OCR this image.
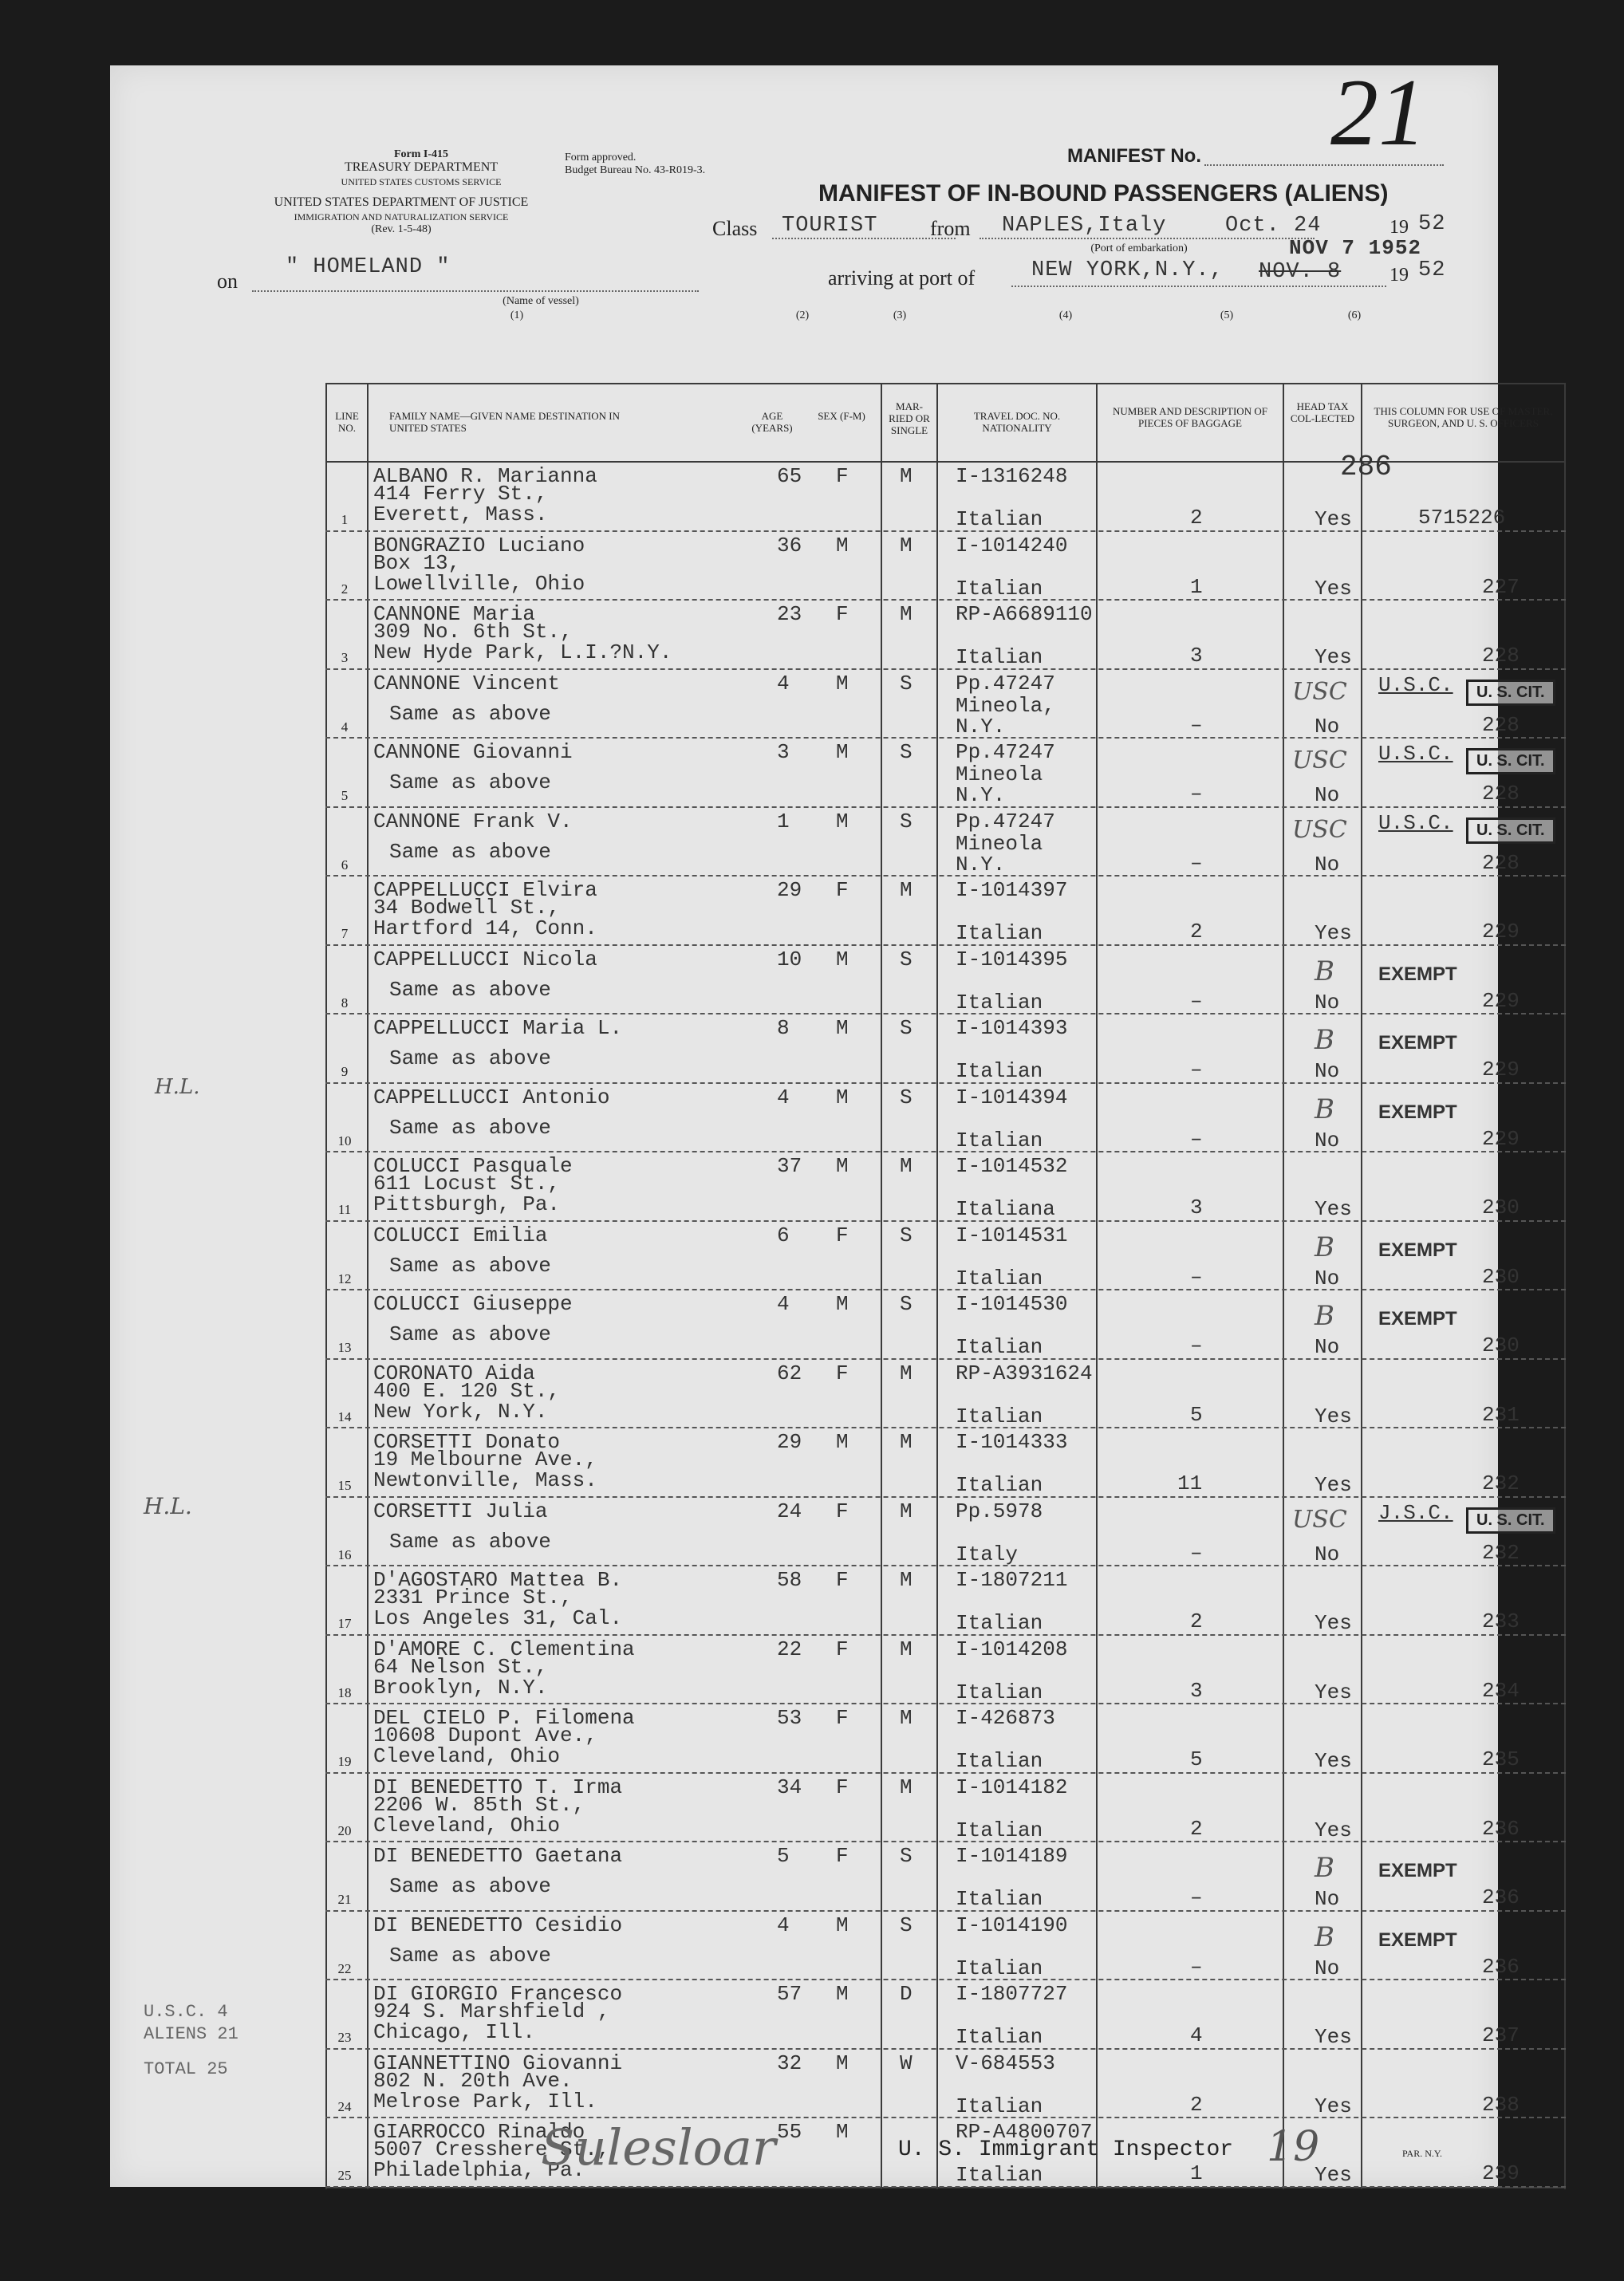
Form I-415
TREASURY DEPARTMENT
UNITED STATES CUSTOMS SERVICE
Form approved.
Budget Bureau No. 43-R019-3.
UNITED STATES DEPARTMENT OF JUSTICE
IMMIGRATION AND NATURALIZATION SERVICE
(Rev. 1-5-48)
MANIFEST No. 21
MANIFEST OF IN-BOUND PASSENGERS (ALIENS)
Class TOURIST	from NAPLES,Italy
(Port of embarkation)
Oct. 24	19 52
NOV 7 1952
on
" HOMELAND "
(Name of vessel)
arriving at port of	NEW YORK,N.Y., NOV. 8	19 52
(1)	(2)	(3)	(4)	(5)	(6)
U.S.C. 4
ALIENS 21
TOTAL 25
H.L.
H.L.
LINE NO.
FAMILY NAME—GIVEN NAME DESTINATION IN UNITED STATES
AGE (YEARS)
SEX (F-M)
MAR-RIED OR SINGLE
TRAVEL DOC. NO. NATIONALITY
NUMBER AND DESCRIPTION OF PIECES OF BAGGAGE
HEAD TAX COL-LECTED
THIS COLUMN FOR USE OF MASTER, SURGEON, AND U. S. OFFICERS
1
ALBANO R. Marianna
414 Ferry St.,
Everett, Mass.
65 F M I-1316248
Italian	2	Yes	5715226
286
2
BONGRAZIO Luciano
Box 13,
Lowellville, Ohio
36 M M I-1014240
Italian	1	Yes	227
3
CANNONE Maria
309 No. 6th St.,
New Hyde Park, L.I.?N.Y.
23 F M RP-A6689110
Italian	3	Yes	228
4
CANNONE Vincent
Same as above
4 M S Pp.47247
Mineola,
N.Y.	–	No	228
U.S.C.	U. S. CIT.
USC
5
CANNONE Giovanni
Same as above
3 M S Pp.47247
Mineola
N.Y.	–	No	228
U.S.C.	U. S. CIT.
USC
6
CANNONE Frank V.
Same as above
1 M S Pp.47247
Mineola
N.Y.	–	No	228
U.S.C.	U. S. CIT.
USC
7
CAPPELLUCCI Elvira
34 Bodwell St.,
Hartford 14, Conn.
29 F M I-1014397
Italian	2	Yes	229
8
CAPPELLUCCI Nicola
Same as above
10 M S I-1014395
Italian	–	No	229
EXEMPT
B
9
CAPPELLUCCI Maria L.
Same as above
8 M S I-1014393
Italian	–	No	229
EXEMPT
B
10
CAPPELLUCCI Antonio
Same as above
4 M S I-1014394
Italian	–	No	229
EXEMPT
B
11
COLUCCI Pasquale
611 Locust St.,
Pittsburgh, Pa.
37 M M I-1014532
Italiana	3	Yes	230
12
COLUCCI Emilia
Same as above
6 F S I-1014531
Italian	–	No	230
EXEMPT
B
13
COLUCCI Giuseppe
Same as above
4 M S I-1014530
Italian	–	No	230
EXEMPT
B
14
CORONATO Aida
400 E. 120 St.,
New York, N.Y.
62 F M RP-A3931624
Italian	5	Yes	231
15
CORSETTI Donato
19 Melbourne Ave.,
Newtonville, Mass.
29 M M I-1014333
Italian	11	Yes	232
16
CORSETTI Julia
Same as above
24 F M Pp.5978
Italy	–	No	232
J.S.C.	U. S. CIT.
USC
17
D'AGOSTARO Mattea B.
2331 Prince St.,
Los Angeles 31, Cal.
58 F M I-1807211
Italian	2	Yes	233
18
D'AMORE C. Clementina
64 Nelson St.,
Brooklyn, N.Y.
22 F M I-1014208
Italian	3	Yes	234
19
DEL CIELO P. Filomena
10608 Dupont Ave.,
Cleveland, Ohio
53 F M I-426873
Italian	5	Yes	235
20
DI BENEDETTO T. Irma
2206 W. 85th St.,
Cleveland, Ohio
34 F M I-1014182
Italian	2	Yes	236
21
DI BENEDETTO Gaetana
Same as above
5 F S I-1014189
Italian	–	No	236
EXEMPT
B
22
DI BENEDETTO Cesidio
Same as above
4 M S I-1014190
Italian	–	No	236
EXEMPT
B
23
DI GIORGIO Francesco
924 S. Marshfield ,
Chicago, Ill.
57 M D I-1807727
Italian	4	Yes	237
24
GIANNETTINO Giovanni
802 N. 20th Ave.
Melrose Park, Ill.
32 M W V-684553
Italian	2	Yes	238
25
GIARROCCO Rinaldo
5007 Cresshere St.,
Philadelphia, Pa.
55 M	RP-A4800707
Italian	1	Yes	239
Sulesloar	U. S. Immigrant Inspector 19	PAR. N.Y.
